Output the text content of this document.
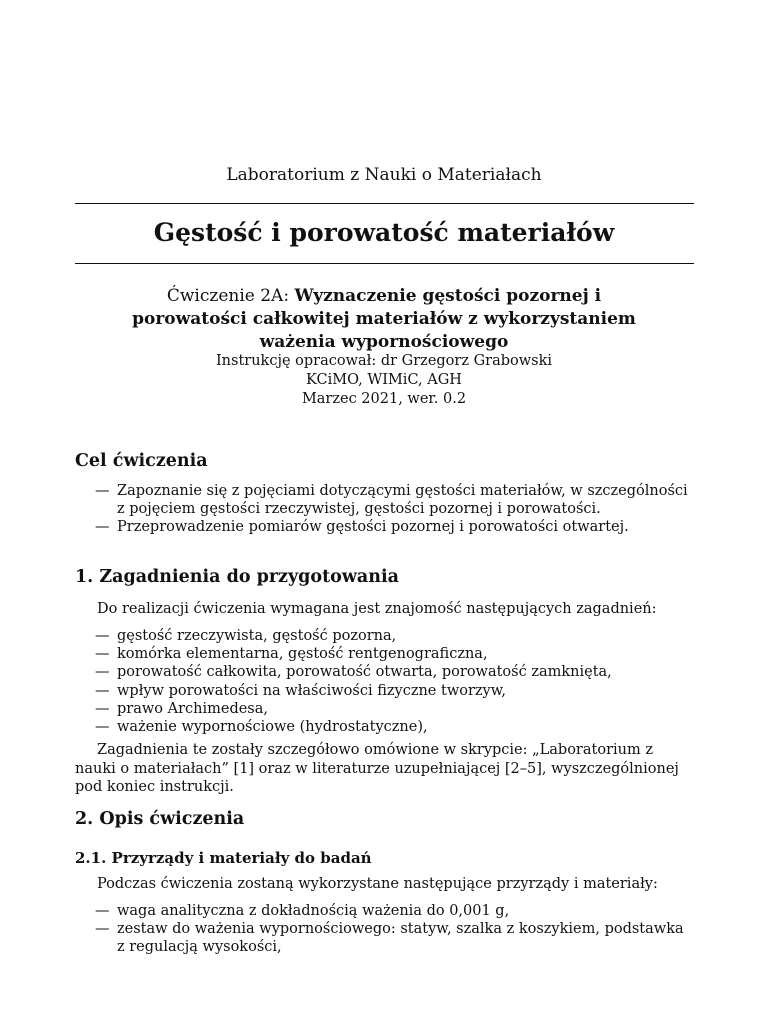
Laboratorium z Nauki o Materiałach
Gęstość i porowatość materiałów
Ćwiczenie 2A: Wyznaczenie gęstości pozornej i porowatości całkowitej materiałów z wykorzystaniem ważenia wypornościowego
Instrukcję opracował: dr Grzegorz Grabowski
KCiMO, WIMiC, AGH
Marzec 2021, wer. 0.2
Cel ćwiczenia
— Zapoznanie się z pojęciami dotyczącymi gęstości materiałów, w szczególności z pojęciem gęstości rzeczywistej, gęstości pozornej i porowatości.
— Przeprowadzenie pomiarów gęstości pozornej i porowatości otwartej.
1. Zagadnienia do przygotowania
Do realizacji ćwiczenia wymagana jest znajomość następujących zagadnień:
— gęstość rzeczywista, gęstość pozorna,
— komórka elementarna, gęstość rentgenograficzna,
— porowatość całkowita, porowatość otwarta, porowatość zamknięta,
— wpływ porowatości na właściwości fizyczne tworzyw,
— prawo Archimedesa,
— ważenie wypornościowe (hydrostatyczne),
Zagadnienia te zostały szczegółowo omówione w skrypcie: „Laboratorium z nauki o materiałach” [1] oraz w literaturze uzupełniającej [2–5], wyszczególnionej pod koniec instrukcji.
2. Opis ćwiczenia
2.1. Przyrządy i materiały do badań
Podczas ćwiczenia zostaną wykorzystane następujące przyrządy i materiały:
— waga analityczna z dokładnością ważenia do 0,001 g,
— zestaw do ważenia wypornościowego: statyw, szalka z koszykiem, podstawka z regulacją wysokości,
